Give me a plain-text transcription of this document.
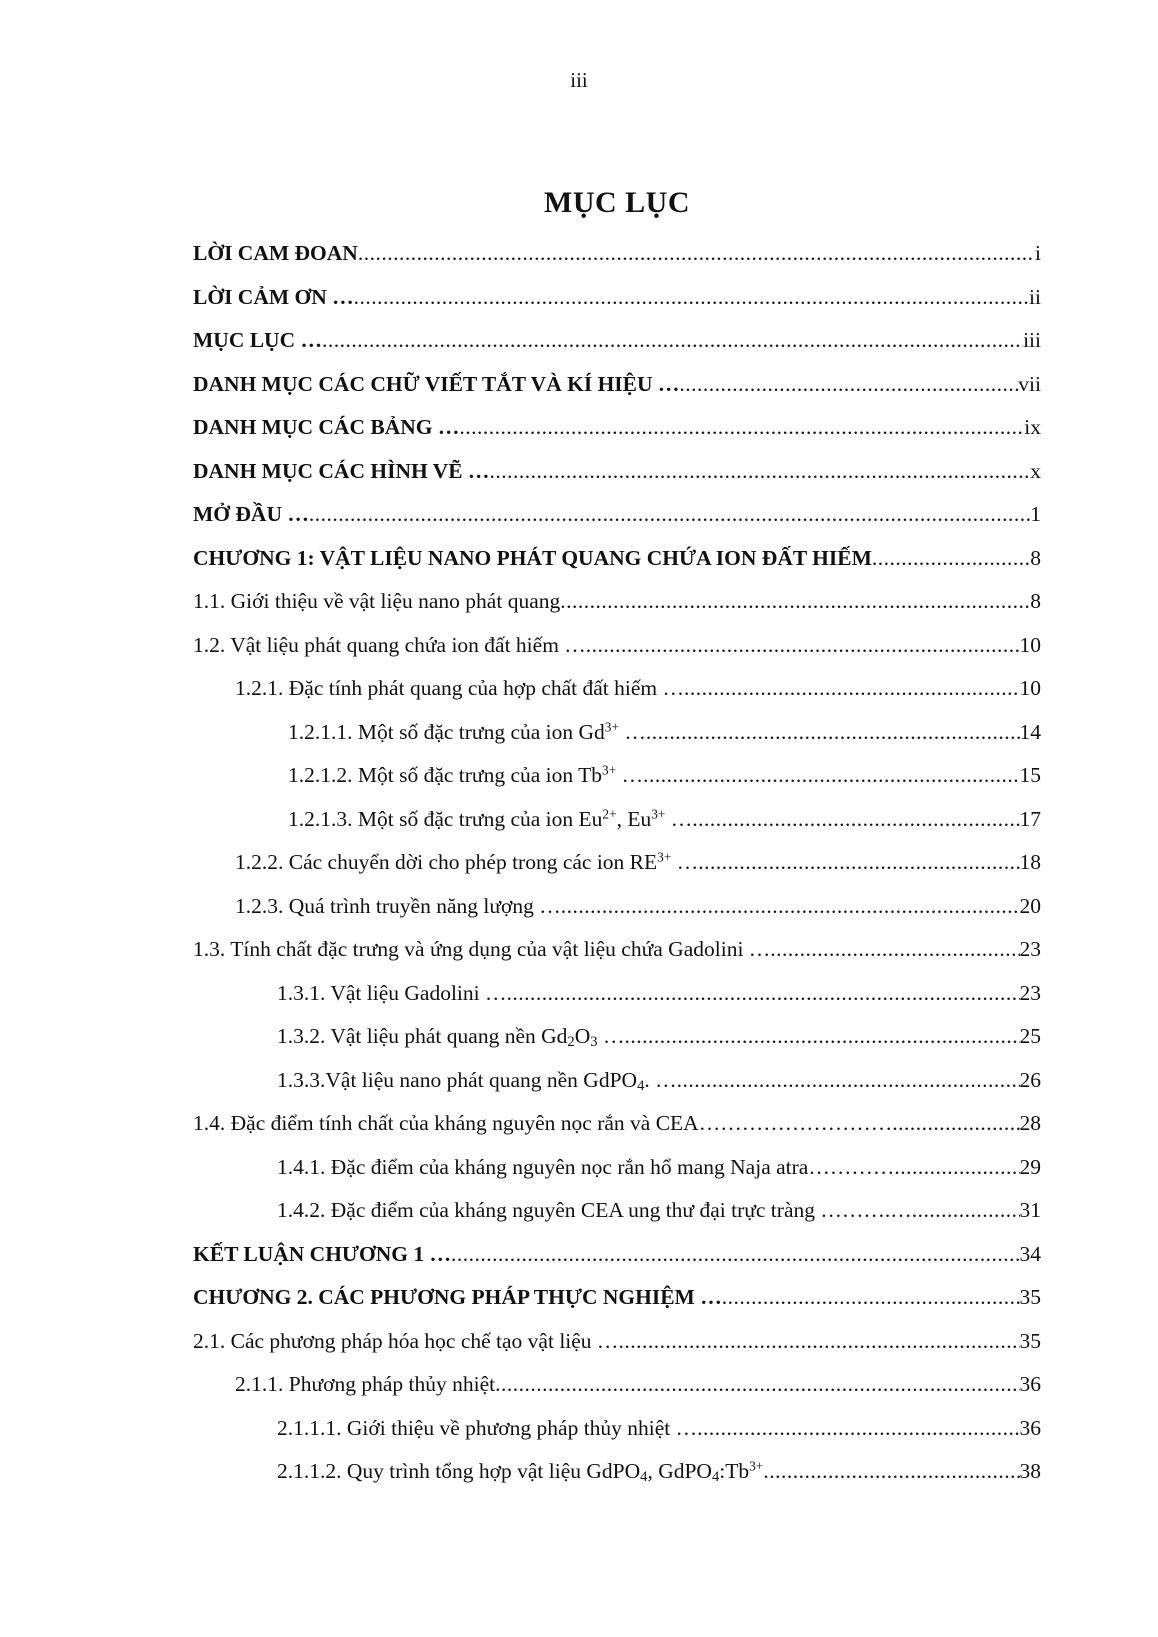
iii
MỤC LỤC
LỜI CAM ĐOAN .....	i
LỜI CẢM ƠN … .....	ii
MỤC LỤC … .....	iii
DANH MỤC CÁC CHỮ VIẾT TẮT VÀ KÍ HIỆU … .....	vii
DANH MỤC CÁC BẢNG … .....	ix
DANH MỤC CÁC HÌNH VẼ … .....	x
MỞ ĐẦU … .....	1
CHƯƠNG 1: VẬT LIỆU NANO PHÁT QUANG CHỨA ION ĐẤT HIẾM .....	8
1.1. Giới thiệu về vật liệu nano phát quang .....	8
1.2. Vật liệu phát quang chứa ion đất hiếm … .....	10
1.2.1. Đặc tính phát quang của hợp chất đất hiếm … .....	10
1.2.1.1. Một số đặc trưng của ion $Gd^{3+}$ … .....	14
1.2.1.2. Một số đặc trưng của ion $Tb^{3+}$ … .....	15
1.2.1.3. Một số đặc trưng của ion $Eu^{2+}$, $Eu^{3+}$ … .....	17
1.2.2. Các chuyển dời cho phép trong các ion $RE^{3+}$ … .....	18
1.2.3. Quá trình truyền năng lượng … .....	20
1.3. Tính chất đặc trưng và ứng dụng của vật liệu chứa Gadolini … .....	23
1.3.1. Vật liệu Gadolini … .....	23
1.3.2. Vật liệu phát quang nền $Gd_2O_3$ … .....	25
1.3.3.Vật liệu nano phát quang nền GdPO$_4$. … .....	26
1.4. Đặc điểm tính chất của kháng nguyên nọc rắn và CEA……………………… .....	28
1.4.1. Đặc điểm của kháng nguyên nọc rắn hổ mang Naja atra………… .....	29
1.4.2. Đặc điểm của kháng nguyên CEA ung thư đại trực tràng ……….… .....	31
KẾT LUẬN CHƯƠNG 1 … .....	34
CHƯƠNG 2. CÁC PHƯƠNG PHÁP THỰC NGHIỆM … .....	35
2.1. Các phương pháp hóa học chế tạo vật liệu … .....	35
2.1.1. Phương pháp thủy nhiệt .....	36
2.1.1.1. Giới thiệu về phương pháp thủy nhiệt … .....	36
2.1.1.2. Quy trình tổng hợp vật liệu GdPO$_4$, $GdPO_4:Tb^{3+}$ .....	38
